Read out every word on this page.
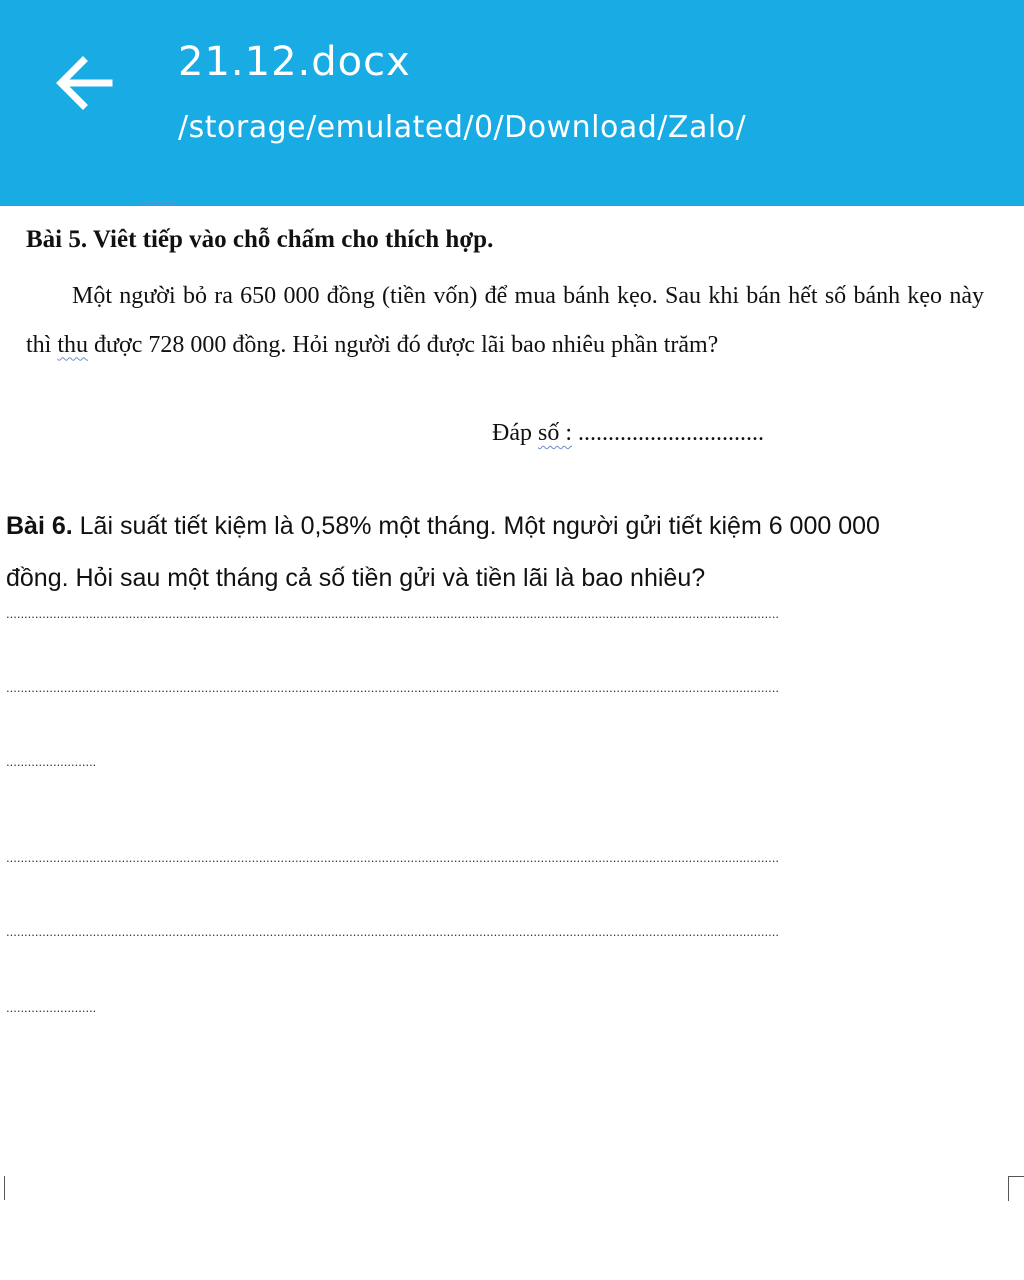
21.12.docx
/storage/emulated/0/Download/Zalo/
Bài 5. Viêt tiếp vào chỗ chấm cho thích hợp.
Một người bỏ ra 650 000 đồng (tiền vốn) để mua bánh kẹo. Sau khi bán hết số bánh kẹo này thì thu được 728 000 đồng. Hỏi người đó được lãi bao nhiêu phần trăm?
Đáp số : ...............................
Bài 6. Lãi suất tiết kiệm là 0,58% một tháng. Một người gửi tiết kiệm 6 000 000
đồng. Hỏi sau một tháng cả số tiền gửi và tiền lãi là bao nhiêu?
......................................................................................................................................................................................................................
......................................................................................................................................................................................................................
.........................
......................................................................................................................................................................................................................
......................................................................................................................................................................................................................
.........................
